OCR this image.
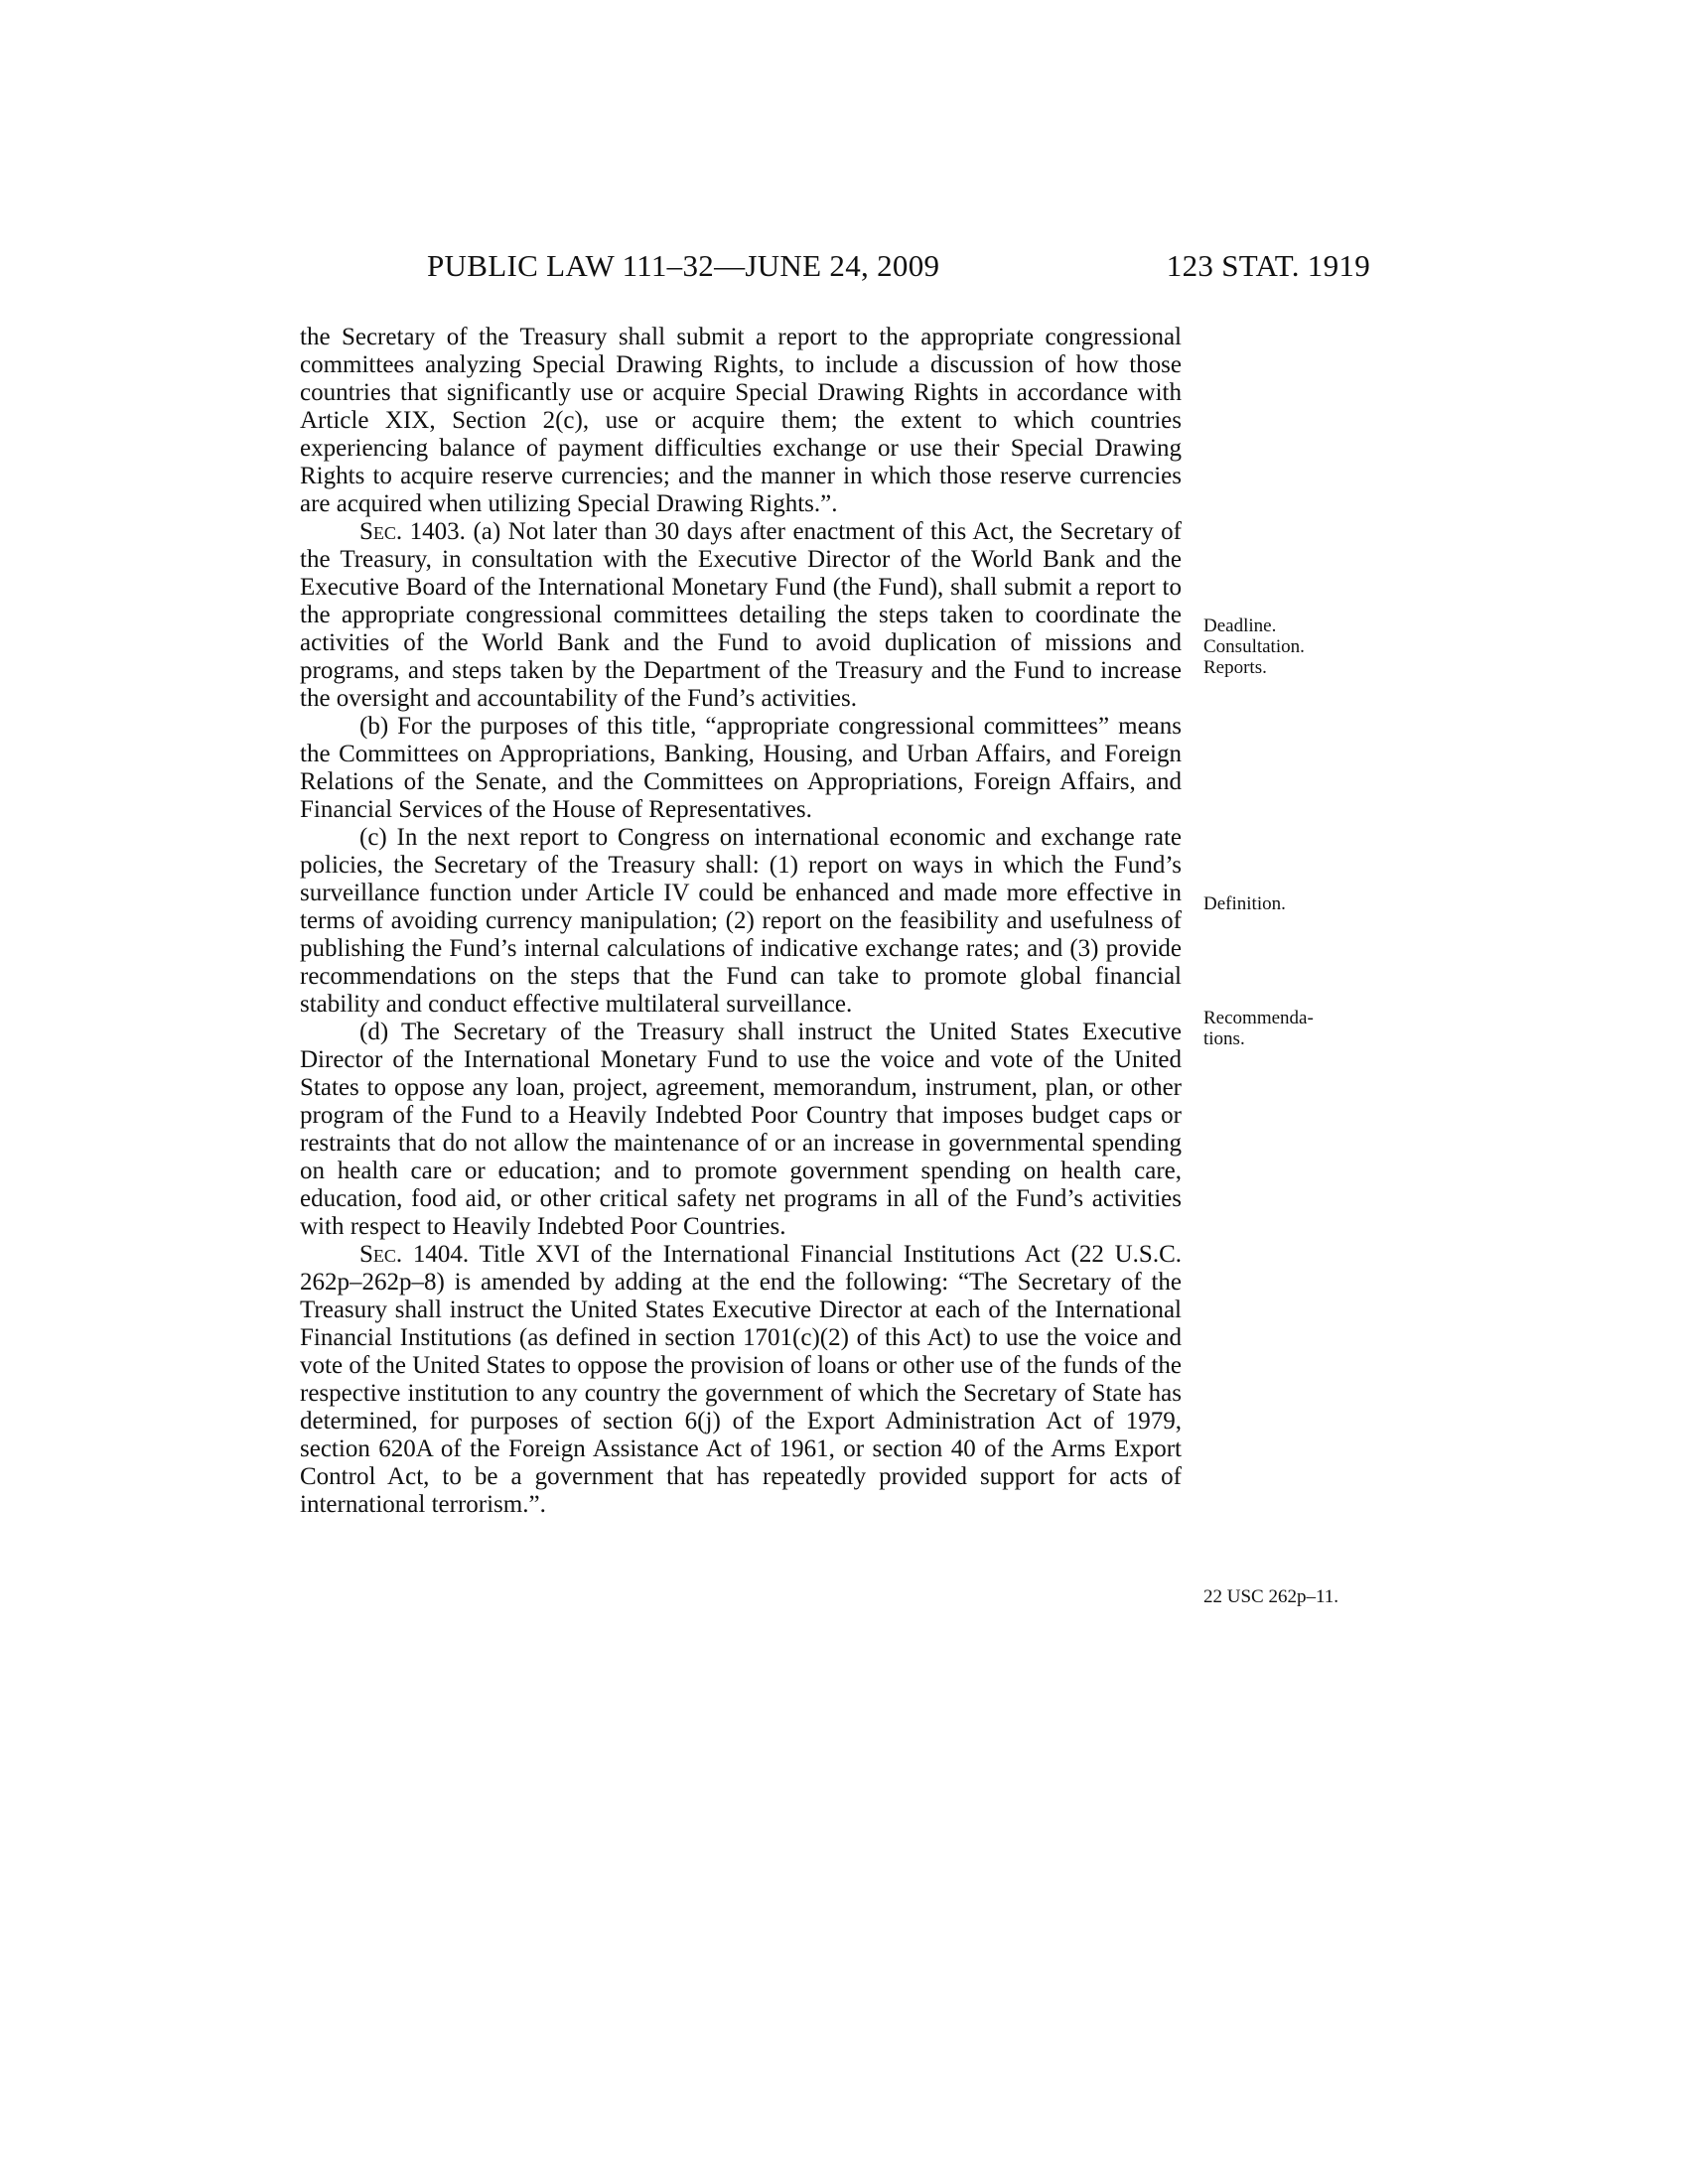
PUBLIC LAW 111–32—JUNE 24, 2009	123 STAT. 1919

the Secretary of the Treasury shall submit a report to the appropriate congressional committees analyzing Special Drawing Rights, to include a discussion of how those countries that significantly use or acquire Special Drawing Rights in accordance with Article XIX, Section 2(c), use or acquire them; the extent to which countries experiencing balance of payment difficulties exchange or use their Special Drawing Rights to acquire reserve currencies; and the manner in which those reserve currencies are acquired when utilizing Special Drawing Rights.”.

Sec. 1403. (a) Not later than 30 days after enactment of this Act, the Secretary of the Treasury, in consultation with the Executive Director of the World Bank and the Executive Board of the International Monetary Fund (the Fund), shall submit a report to the appropriate congressional committees detailing the steps taken to coordinate the activities of the World Bank and the Fund to avoid duplication of missions and programs, and steps taken by the Department of the Treasury and the Fund to increase the oversight and accountability of the Fund’s activities.

(b) For the purposes of this title, “appropriate congressional committees” means the Committees on Appropriations, Banking, Housing, and Urban Affairs, and Foreign Relations of the Senate, and the Committees on Appropriations, Foreign Affairs, and Financial Services of the House of Representatives.

(c) In the next report to Congress on international economic and exchange rate policies, the Secretary of the Treasury shall: (1) report on ways in which the Fund’s surveillance function under Article IV could be enhanced and made more effective in terms of avoiding currency manipulation; (2) report on the feasibility and usefulness of publishing the Fund’s internal calculations of indicative exchange rates; and (3) provide recommendations on the steps that the Fund can take to promote global financial stability and conduct effective multilateral surveillance.

(d) The Secretary of the Treasury shall instruct the United States Executive Director of the International Monetary Fund to use the voice and vote of the United States to oppose any loan, project, agreement, memorandum, instrument, plan, or other program of the Fund to a Heavily Indebted Poor Country that imposes budget caps or restraints that do not allow the maintenance of or an increase in governmental spending on health care or education; and to promote government spending on health care, education, food aid, or other critical safety net programs in all of the Fund’s activities with respect to Heavily Indebted Poor Countries.

Sec. 1404. Title XVI of the International Financial Institutions Act (22 U.S.C. 262p–262p–8) is amended by adding at the end the following: “The Secretary of the Treasury shall instruct the United States Executive Director at each of the International Financial Institutions (as defined in section 1701(c)(2) of this Act) to use the voice and vote of the United States to oppose the provision of loans or other use of the funds of the respective institution to any country the government of which the Secretary of State has determined, for purposes of section 6(j) of the Export Administration Act of 1979, section 620A of the Foreign Assistance Act of 1961, or section 40 of the Arms Export Control Act, to be a government that has repeatedly provided support for acts of international terrorism.”.

Deadline.
Consultation.
Reports.
Definition.
Recommenda-
tions.
22 USC 262p–11.
